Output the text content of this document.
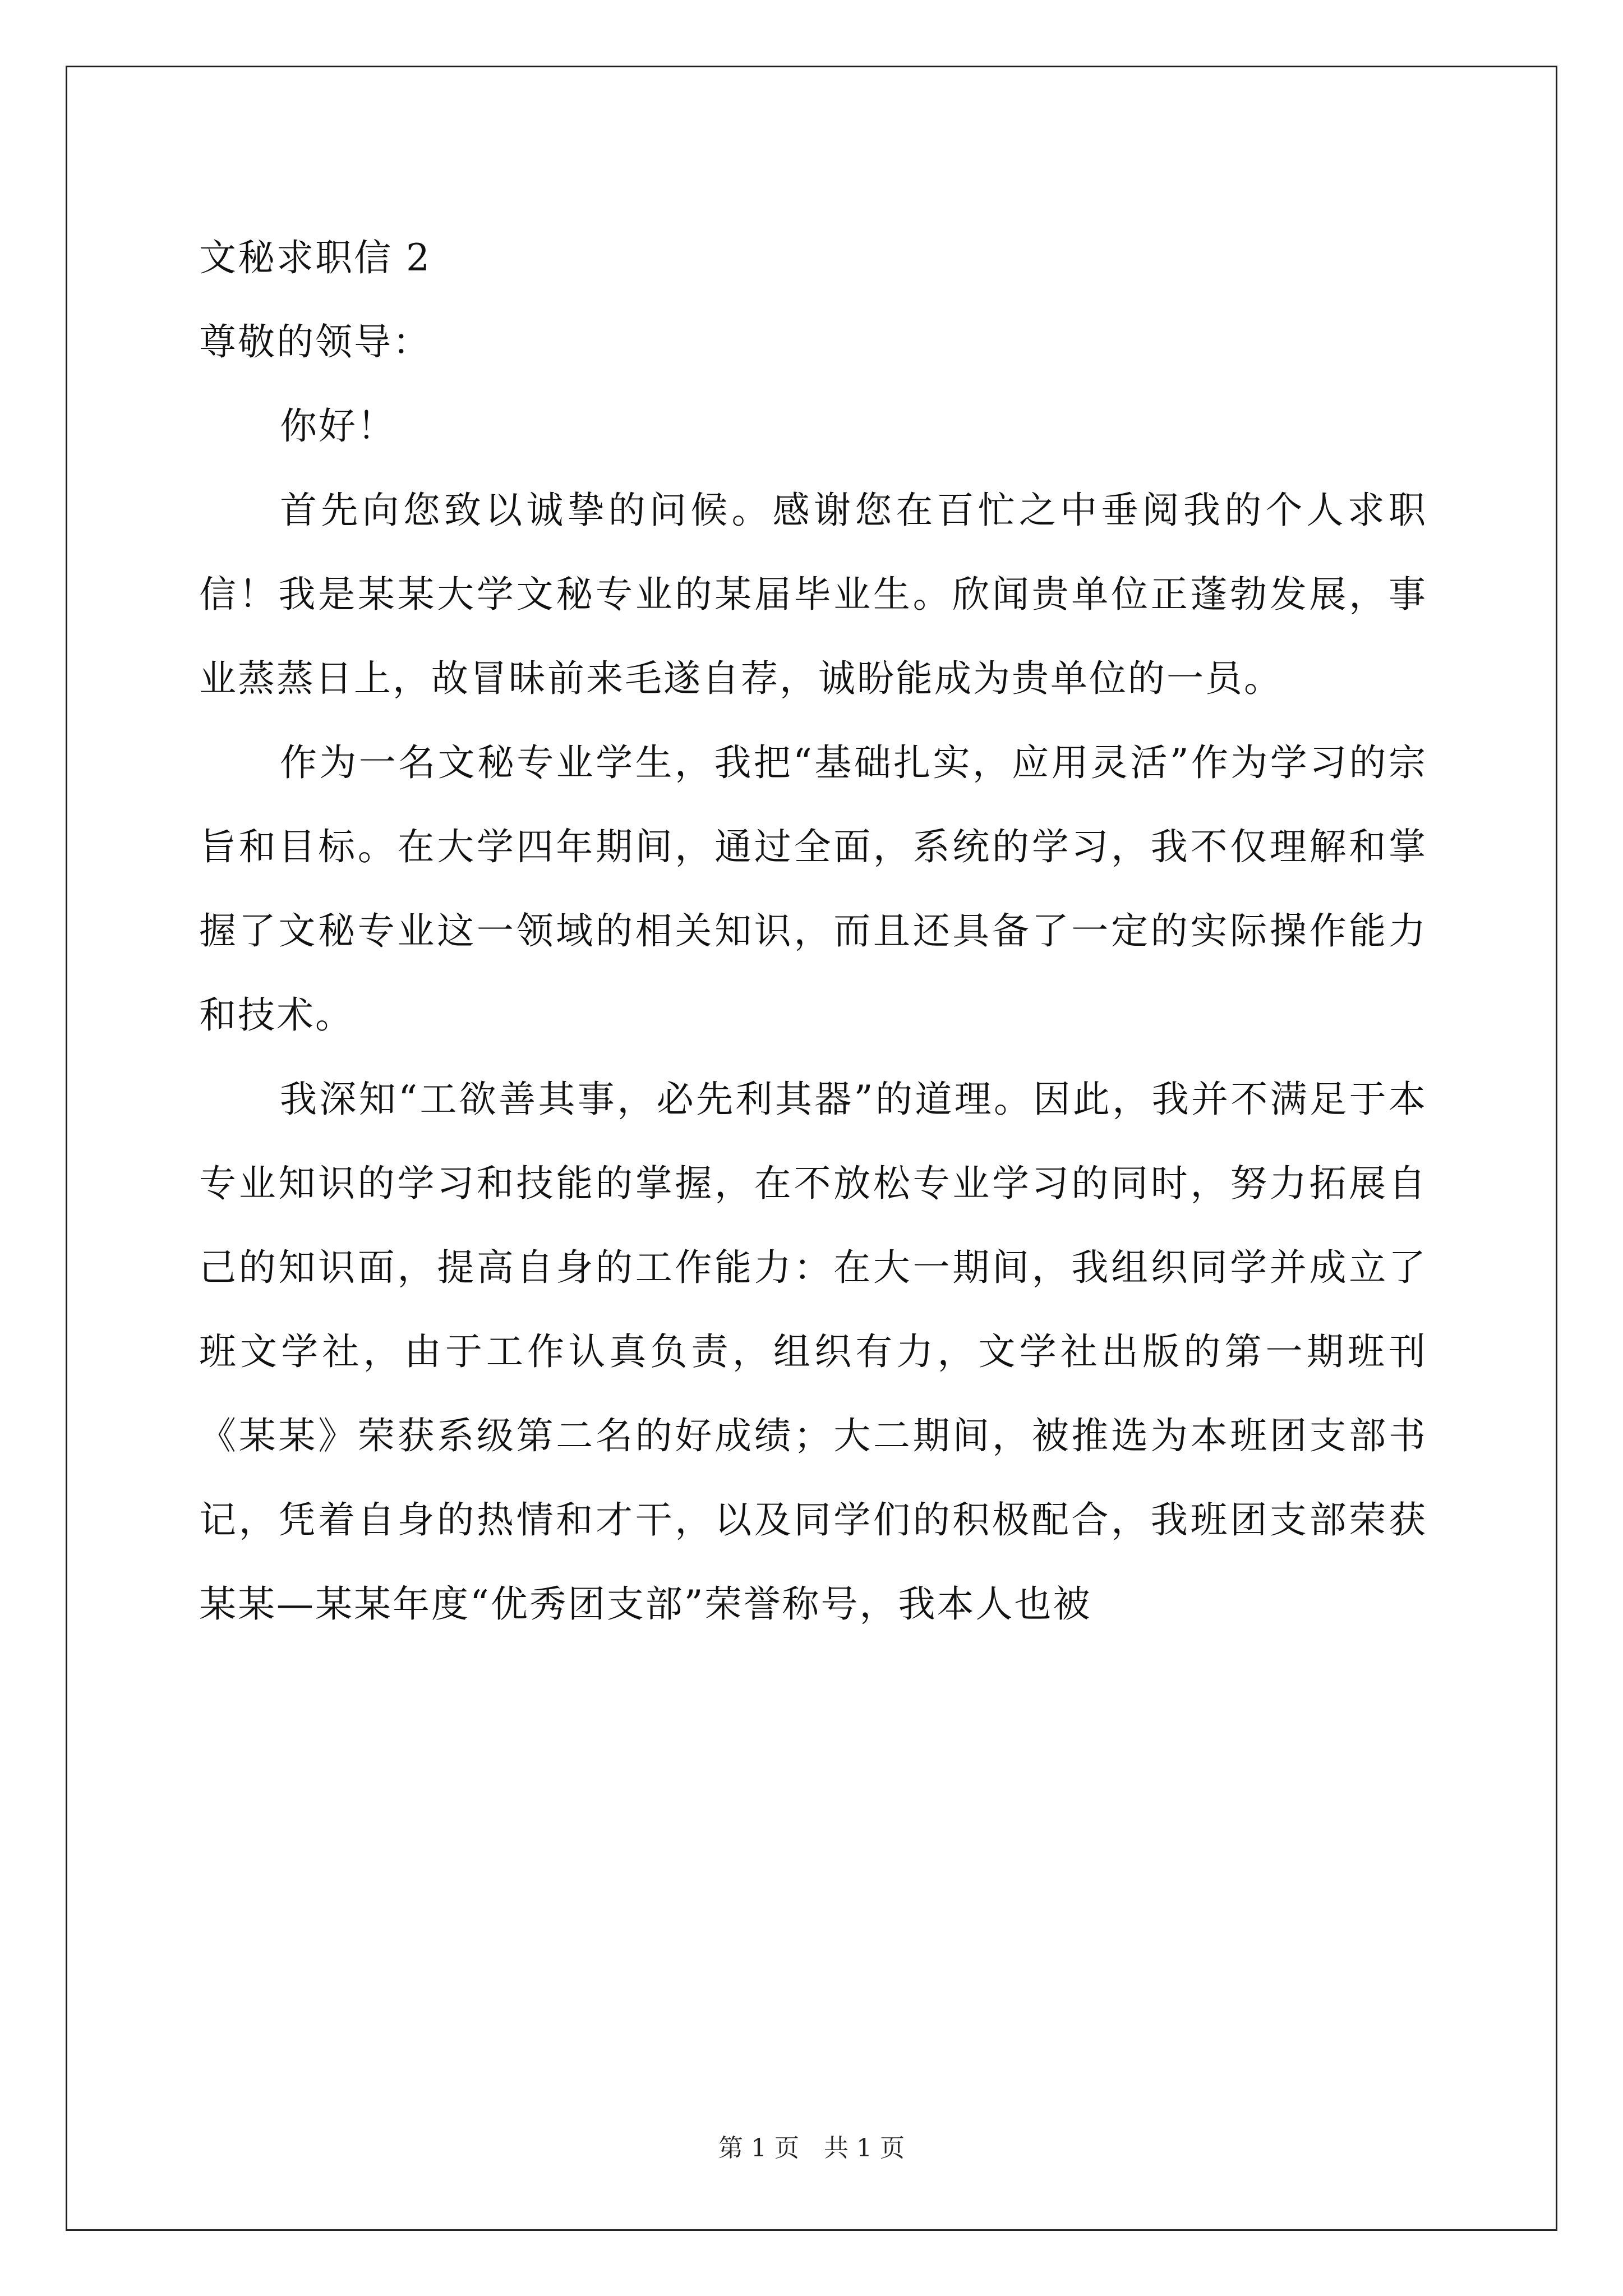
文秘求职信 2
尊敬的领导：
你好！

首先向您致以诚挚的问候。感谢您在百忙之中垂阅我的个人求职信！我是某某大学文秘专业的某届毕业生。欣闻贵单位正蓬勃发展，事业蒸蒸日上，故冒昧前来毛遂自荐，诚盼能成为贵单位的一员。

作为一名文秘专业学生，我把“基础扎实，应用灵活”作为学习的宗旨和目标。在大学四年期间，通过全面，系统的学习，我不仅理解和掌握了文秘专业这一领域的相关知识，而且还具备了一定的实际操作能力和技术。

我深知“工欲善其事，必先利其器”的道理。因此，我并不满足于本专业知识的学习和技能的掌握，在不放松专业学习的同时，努力拓展自己的知识面，提高自身的工作能力：在大一期间，我组织同学并成立了班文学社，由于工作认真负责，组织有力，文学社出版的第一期班刊《某某》荣获系级第二名的好成绩；大二期间，被推选为本班团支部书记，凭着自身的热情和才干，以及同学们的积极配合，我班团支部荣获某某—某某年度“优秀团支部”荣誉称号，我本人也被

第 1 页　共 1 页
